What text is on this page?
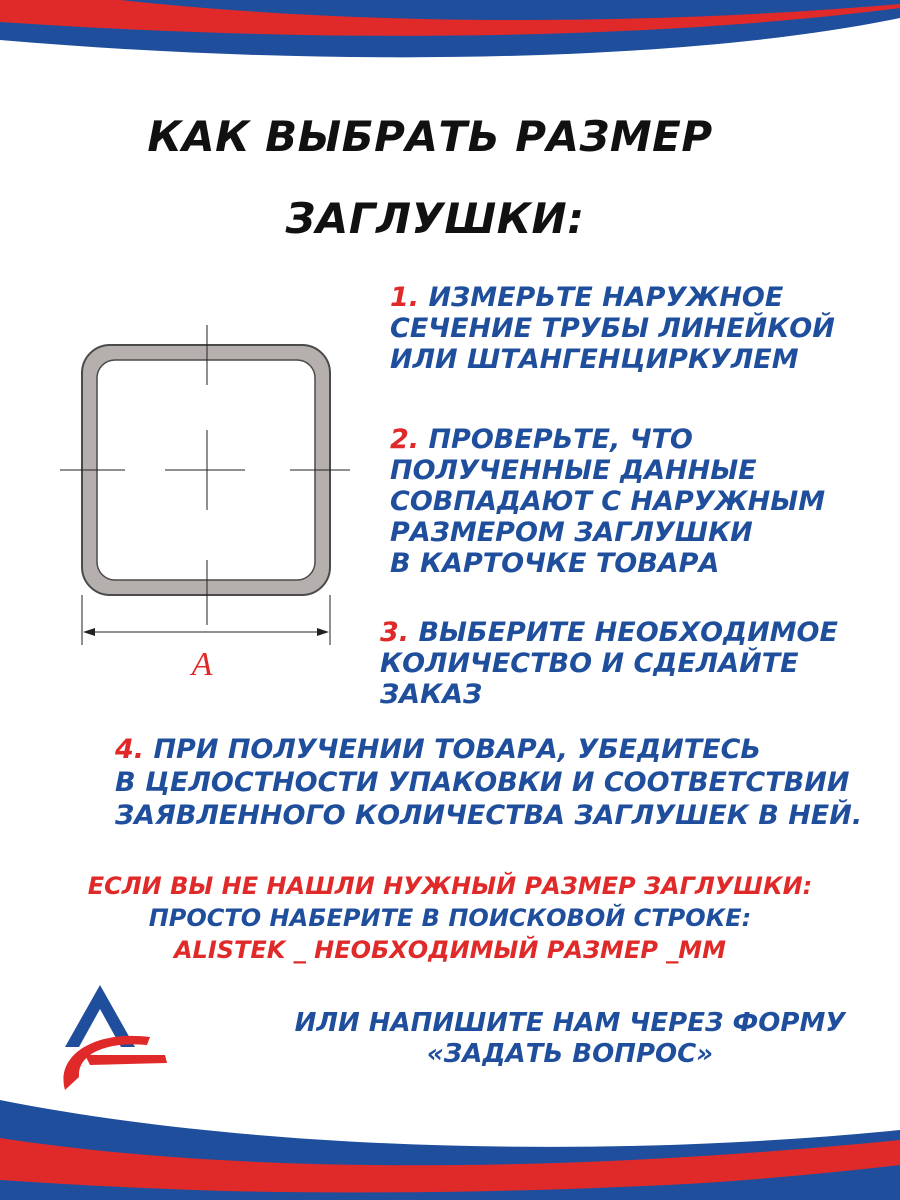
КАК ВЫБРАТЬ РАЗМЕР
ЗАГЛУШКИ:
A
1. ИЗМЕРЬТЕ НАРУЖНОЕ
СЕЧЕНИЕ ТРУБЫ ЛИНЕЙКОЙ
ИЛИ ШТАНГЕНЦИРКУЛЕМ
2. ПРОВЕРЬТЕ, ЧТО
ПОЛУЧЕННЫЕ ДАННЫЕ
СОВПАДАЮТ С НАРУЖНЫМ
РАЗМЕРОМ ЗАГЛУШКИ
В КАРТОЧКЕ ТОВАРА
3. ВЫБЕРИТЕ НЕОБХОДИМОЕ
КОЛИЧЕСТВО И СДЕЛАЙТЕ
ЗАКАЗ
4. ПРИ ПОЛУЧЕНИИ ТОВАРА, УБЕДИТЕСЬ
В ЦЕЛОСТНОСТИ УПАКОВКИ И СООТВЕТСТВИИ
ЗАЯВЛЕННОГО КОЛИЧЕСТВА ЗАГЛУШЕК В НЕЙ.
ЕСЛИ ВЫ НЕ НАШЛИ НУЖНЫЙ РАЗМЕР ЗАГЛУШКИ:
ПРОСТО НАБЕРИТЕ В ПОИСКОВОЙ СТРОКЕ:
ALISTEK _ НЕОБХОДИМЫЙ РАЗМЕР _ММ
ИЛИ НАПИШИТЕ НАМ ЧЕРЕЗ ФОРМУ
«ЗАДАТЬ ВОПРОС»
